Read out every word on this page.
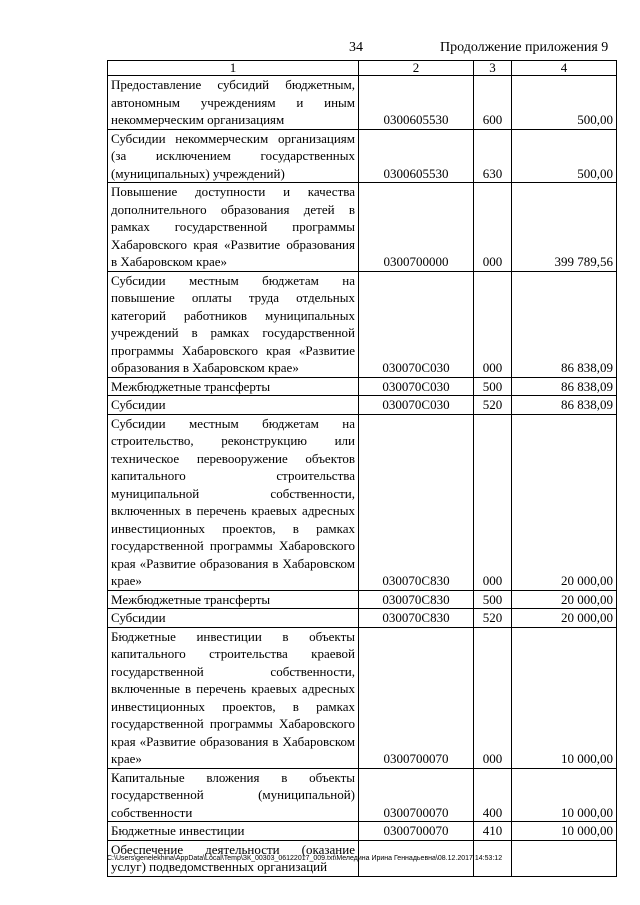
34	Продолжение приложения 9
1	2	3	4
Предоставление субсидий бюджетным, автономным учреждениям и иным некоммерческим организациям	0300605530	600	500,00
Субсидии некоммерческим организациям (за исключением государственных (муниципальных) учреждений)	0300605530	630	500,00
Повышение доступности и качества дополнительного образования детей в рамках государственной программы Хабаровского края «Развитие образования в Хабаровском крае»	0300700000	000	399 789,56
Субсидии местным бюджетам на повышение оплаты труда отдельных категорий работников муниципальных учреждений в рамках государственной программы Хабаровского края «Развитие образования в Хабаровском крае»	030070С030	000	86 838,09
Межбюджетные трансферты	030070С030	500	86 838,09
Субсидии	030070С030	520	86 838,09
Субсидии местным бюджетам на строительство, реконструкцию или техническое перевооружение объектов капитального строительства муниципальной собственности, включенных в перечень краевых адресных инвестиционных проектов, в рамках государственной программы Хабаровского края «Развитие образования в Хабаровском крае»	030070С830	000	20 000,00
Межбюджетные трансферты	030070С830	500	20 000,00
Субсидии	030070С830	520	20 000,00
Бюджетные инвестиции в объекты капитального строительства краевой государственной собственности, включенные в перечень краевых адресных инвестиционных проектов, в рамках государственной программы Хабаровского края «Развитие образования в Хабаровском крае»	0300700070	000	10 000,00
Капитальные вложения в объекты государственной (муниципальной) собственности	0300700070	400	10 000,00
Бюджетные инвестиции	0300700070	410	10 000,00
Обеспечение деятельности (оказание услуг) подведомственных организаций			
C:\Users\genelekhina\AppData\Local\Temp\ЗК_00303_06122017_009.txt\Меледина Ирина Геннадьевна\08.12.2017 14:53:12
